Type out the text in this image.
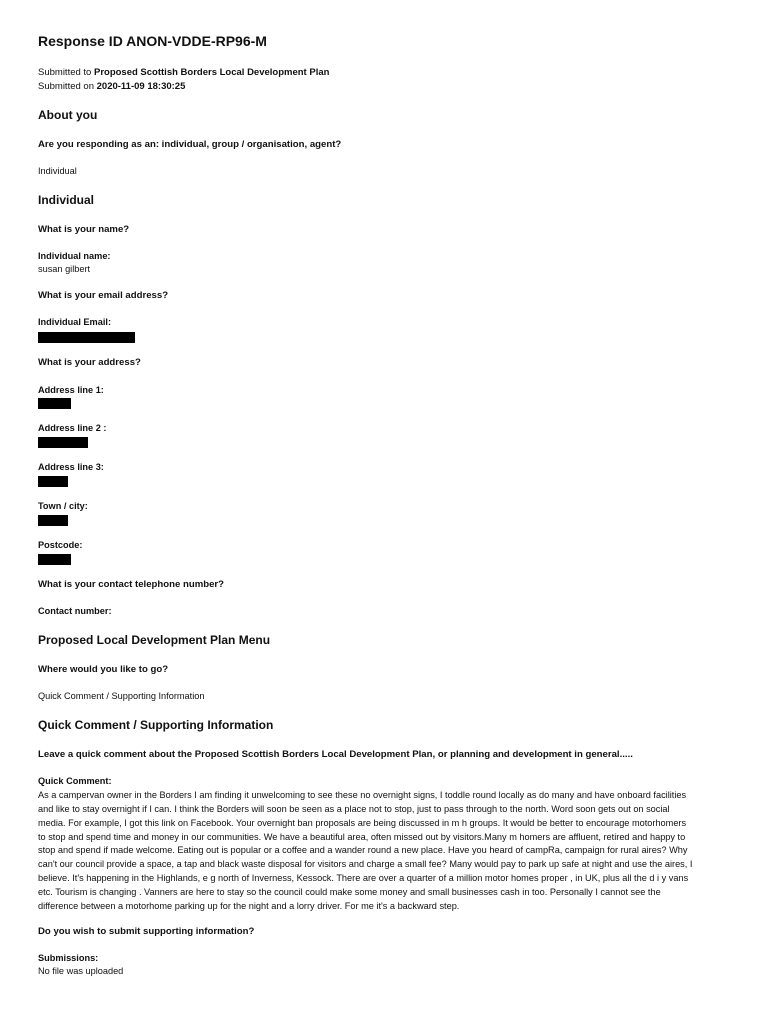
Response ID ANON-VDDE-RP96-M
Submitted to Proposed Scottish Borders Local Development Plan
Submitted on 2020-11-09 18:30:25
About you
Are you responding as an: individual, group / organisation, agent?
Individual
Individual
What is your name?
Individual name:
susan gilbert
What is your email address?
Individual Email:
What is your address?
Address line 1:
Address line 2 :
Address line 3:
Town / city:
Postcode:
What is your contact telephone number?
Contact number:
Proposed Local Development Plan Menu
Where would you like to go?
Quick Comment / Supporting Information
Quick Comment / Supporting Information
Leave a quick comment about the Proposed Scottish Borders Local Development Plan, or planning and development in general.....
Quick Comment:
As a campervan owner in the Borders I am finding it unwelcoming to see these no overnight signs, I toddle round locally as do many and have onboard facilities
and like to stay overnight if I can. I think the Borders will soon be seen as a place not to stop, just to pass through to the north. Word soon gets out on social
media. For example, I got this link on Facebook. Your overnight ban proposals are being discussed in m h groups. It would be better to encourage motorhomers
to stop and spend time and money in our communities. We have a beautiful area, often missed out by visitors.Many m homers are affluent, retired and happy to
stop and spend if made welcome. Eating out is popular or a coffee and a wander round a new place. Have you heard of campRa, campaign for rural aires? Why
can't our council provide a space, a tap and black waste disposal for visitors and charge a small fee? Many would pay to park up safe at night and use the aires, I
believe. It's happening in the Highlands, e g north of Inverness, Kessock. There are over a quarter of a million motor homes proper , in UK, plus all the d i y vans
etc. Tourism is changing . Vanners are here to stay so the council could make some money and small businesses cash in too. Personally I cannot see the
difference between a motorhome parking up for the night and a lorry driver. For me it's a backward step.
Do you wish to submit supporting information?
Submissions:
No file was uploaded
